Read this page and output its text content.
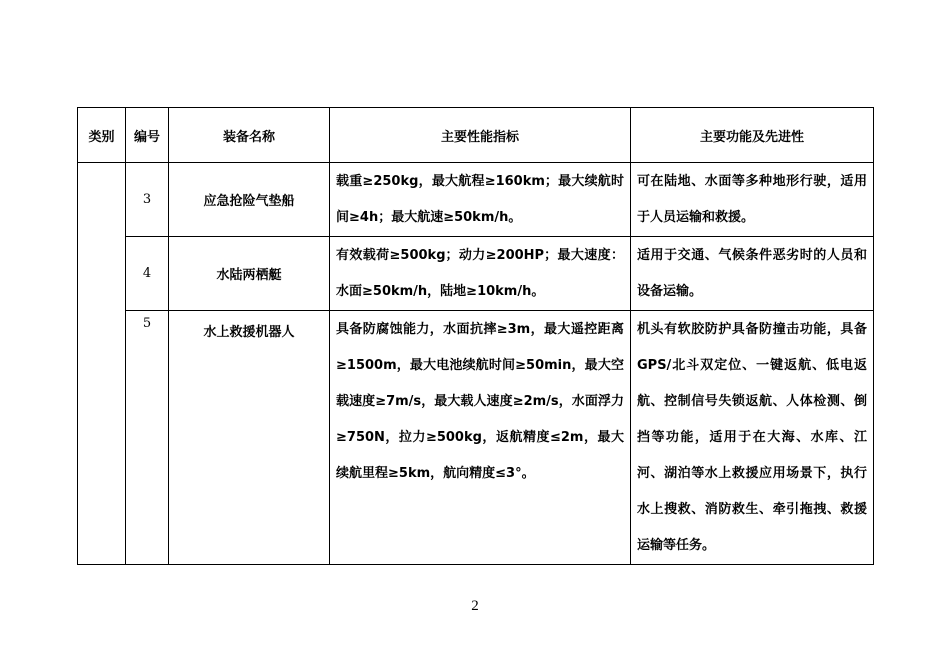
类别	编号	装备名称	主要性能指标	主要功能及先进性
	3	应急抢险气垫船	载重≥250kg，最大航程≥160km；最大续航时间≥4h；最大航速≥50km/h。	可在陆地、水面等多种地形行驶，适用于人员运输和救援。
	4	水陆两栖艇	有效载荷≥500kg；动力≥200HP；最大速度：水面≥50km/h，陆地≥10km/h。	适用于交通、气候条件恶劣时的人员和设备运输。
	5	水上救援机器人	具备防腐蚀能力，水面抗摔≥3m，最大遥控距离≥1500m，最大电池续航时间≥50min，最大空载速度≥7m/s，最大载人速度≥2m/s，水面浮力≥750N，拉力≥500kg，返航精度≤2m，最大续航里程≥5km，航向精度≤3°。	机头有软胶防护具备防撞击功能，具备GPS/北斗双定位、一键返航、低电返航、控制信号失锁返航、人体检测、倒挡等功能，适用于在大海、水库、江河、湖泊等水上救援应用场景下，执行水上搜救、消防救生、牵引拖拽、救援运输等任务。
2
